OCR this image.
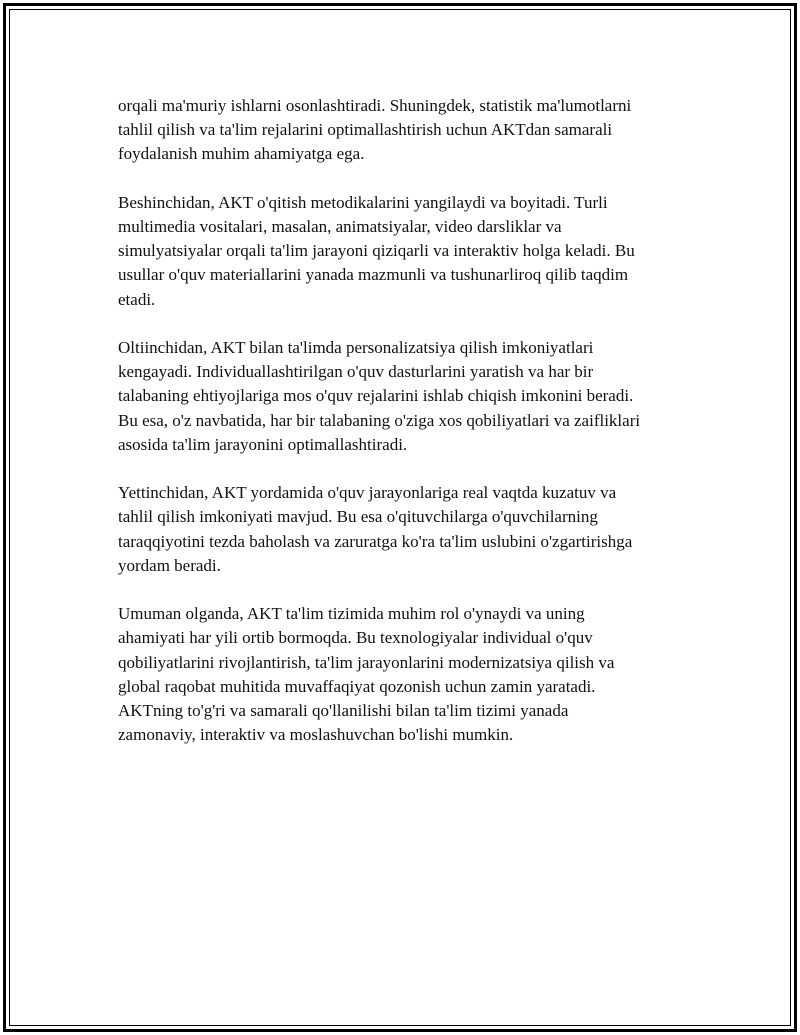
orqali ma'muriy ishlarni osonlashtiradi. Shuningdek, statistik ma'lumotlarni
tahlil qilish va ta'lim rejalarini optimallashtirish uchun AKTdan samarali
foydalanish muhim ahamiyatga ega.

Beshinchidan, AKT o'qitish metodikalarini yangilaydi va boyitadi. Turli
multimedia vositalari, masalan, animatsiyalar, video darsliklar va
simulyatsiyalar orqali ta'lim jarayoni qiziqarli va interaktiv holga keladi. Bu
usullar o'quv materiallarini yanada mazmunli va tushunarliroq qilib taqdim
etadi.

Oltiinchidan, AKT bilan ta'limda personalizatsiya qilish imkoniyatlari
kengayadi. Individuallashtirilgan o'quv dasturlarini yaratish va har bir
talabaning ehtiyojlariga mos o'quv rejalarini ishlab chiqish imkonini beradi.
Bu esa, o'z navbatida, har bir talabaning o'ziga xos qobiliyatlari va zaifliklari
asosida ta'lim jarayonini optimallashtiradi.

Yettinchidan, AKT yordamida o'quv jarayonlariga real vaqtda kuzatuv va
tahlil qilish imkoniyati mavjud. Bu esa o'qituvchilarga o'quvchilarning
taraqqiyotini tezda baholash va zaruratga ko'ra ta'lim uslubini o'zgartirishga
yordam beradi.

Umuman olganda, AKT ta'lim tizimida muhim rol o'ynaydi va uning
ahamiyati har yili ortib bormoqda. Bu texnologiyalar individual o'quv
qobiliyatlarini rivojlantirish, ta'lim jarayonlarini modernizatsiya qilish va
global raqobat muhitida muvaffaqiyat qozonish uchun zamin yaratadi.
AKTning to'g'ri va samarali qo'llanilishi bilan ta'lim tizimi yanada
zamonaviy, interaktiv va moslashuvchan bo'lishi mumkin.
